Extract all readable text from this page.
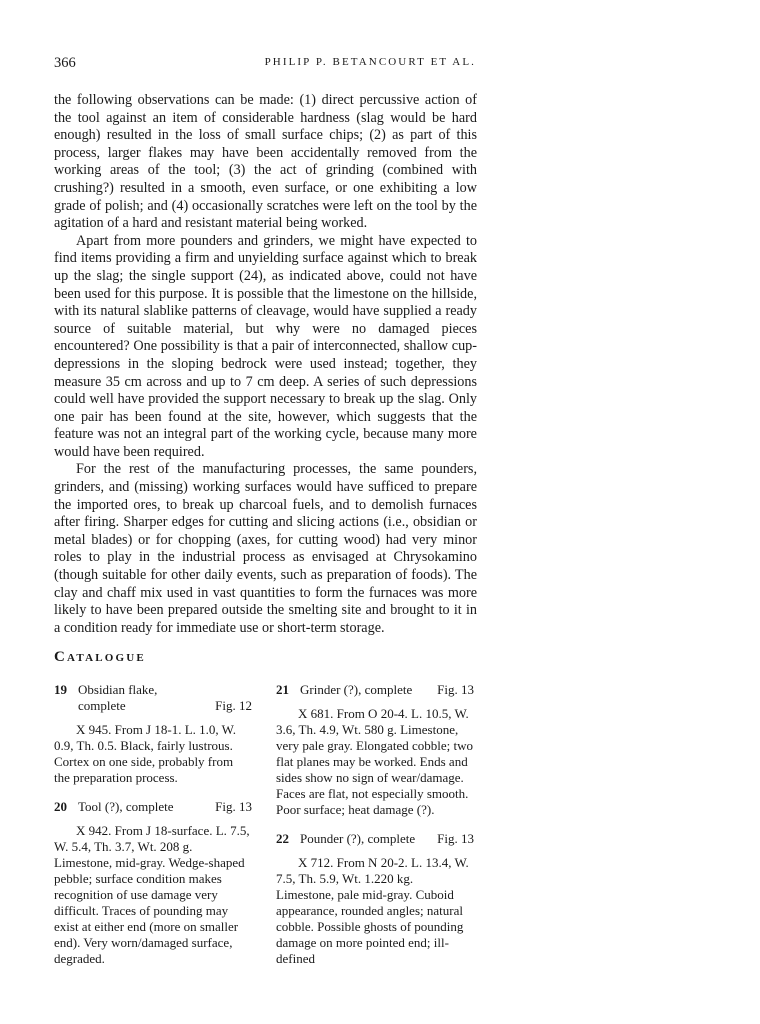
366	PHILIP P. BETANCOURT ET AL.

the following observations can be made: (1) direct percussive action of the tool against an item of considerable hardness (slag would be hard enough) resulted in the loss of small surface chips; (2) as part of this process, larger flakes may have been accidentally removed from the working areas of the tool; (3) the act of grinding (combined with crushing?) resulted in a smooth, even surface, or one exhibiting a low grade of polish; and (4) occasionally scratches were left on the tool by the agitation of a hard and resistant material being worked.

Apart from more pounders and grinders, we might have expected to find items providing a firm and unyielding surface against which to break up the slag; the single support (24), as indicated above, could not have been used for this purpose. It is possible that the limestone on the hillside, with its natural slablike patterns of cleavage, would have supplied a ready source of suitable material, but why were no damaged pieces encountered? One possibility is that a pair of interconnected, shallow cup-depressions in the sloping bedrock were used instead; together, they measure 35 cm across and up to 7 cm deep. A series of such depressions could well have provided the support necessary to break up the slag. Only one pair has been found at the site, however, which suggests that the feature was not an integral part of the working cycle, because many more would have been required.

For the rest of the manufacturing processes, the same pounders, grinders, and (missing) working surfaces would have sufficed to prepare the imported ores, to break up charcoal fuels, and to demolish furnaces after firing. Sharper edges for cutting and slicing actions (i.e., obsidian or metal blades) or for chopping (axes, for cutting wood) had very minor roles to play in the industrial process as envisaged at Chrysokamino (though suitable for other daily events, such as preparation of foods). The clay and chaff mix used in vast quantities to form the furnaces was more likely to have been prepared outside the smelting site and brought to it in a condition ready for immediate use or short-term storage.

Catalogue
19 Obsidian flake, complete	Fig. 12
X 945. From J 18-1. L. 1.0, W. 0.9, Th. 0.5. Black, fairly lustrous. Cortex on one side, probably from the preparation process.
20 Tool (?), complete	Fig. 13
X 942. From J 18-surface. L. 7.5, W. 5.4, Th. 3.7, Wt. 208 g. Limestone, mid-gray. Wedge-shaped pebble; surface condition makes recognition of use damage very difficult. Traces of pounding may exist at either end (more on smaller end). Very worn/damaged surface, degraded.
21 Grinder (?), complete	Fig. 13
X 681. From O 20-4. L. 10.5, W. 3.6, Th. 4.9, Wt. 580 g. Limestone, very pale gray. Elongated cobble; two flat planes may be worked. Ends and sides show no sign of wear/damage. Faces are flat, not especially smooth. Poor surface; heat damage (?).
22 Pounder (?), complete	Fig. 13
X 712. From N 20-2. L. 13.4, W. 7.5, Th. 5.9, Wt. 1.220 kg. Limestone, pale mid-gray. Cuboid appearance, rounded angles; natural cobble. Possible ghosts of pounding damage on more pointed end; ill-defined
